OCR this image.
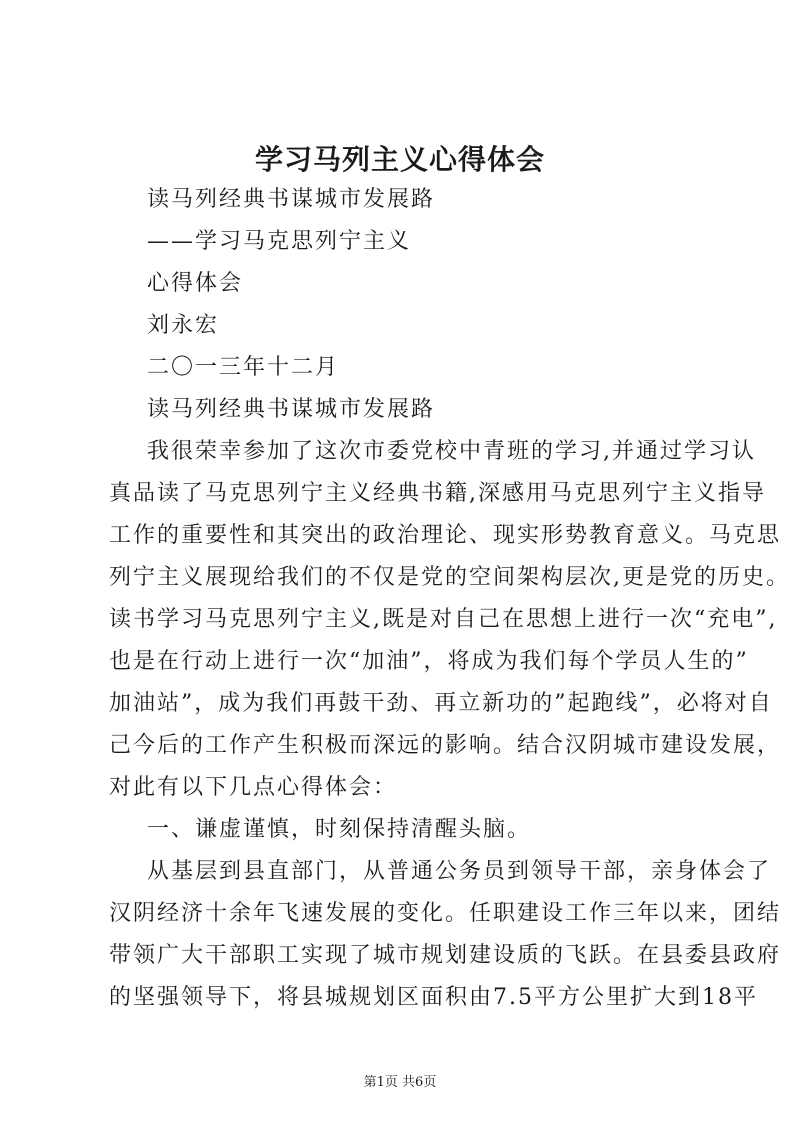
学习马列主义心得体会
读马列经典书谋城市发展路
——学习马克思列宁主义
心得体会
刘永宏
二〇一三年十二月
读马列经典书谋城市发展路
我很荣幸参加了这次市委党校中青班的学习,并通过学习认
真品读了马克思列宁主义经典书籍,深感用马克思列宁主义指导
工作的重要性和其突出的政治理论、现实形势教育意义。马克思
列宁主义展现给我们的不仅是党的空间架构层次,更是党的历史。
读书学习马克思列宁主义,既是对自己在思想上进行一次“充电”,
也是在行动上进行一次“加油”，将成为我们每个学员人生的”
加油站”，成为我们再鼓干劲、再立新功的”起跑线”，必将对自
己今后的工作产生积极而深远的影响。结合汉阴城市建设发展，
对此有以下几点心得体会：
一、谦虚谨慎，时刻保持清醒头脑。
从基层到县直部门，从普通公务员到领导干部，亲身体会了
汉阴经济十余年飞速发展的变化。任职建设工作三年以来，团结
带领广大干部职工实现了城市规划建设质的飞跃。在县委县政府
的坚强领导下，将县城规划区面积由7.5平方公里扩大到18平
第1页 共6页
